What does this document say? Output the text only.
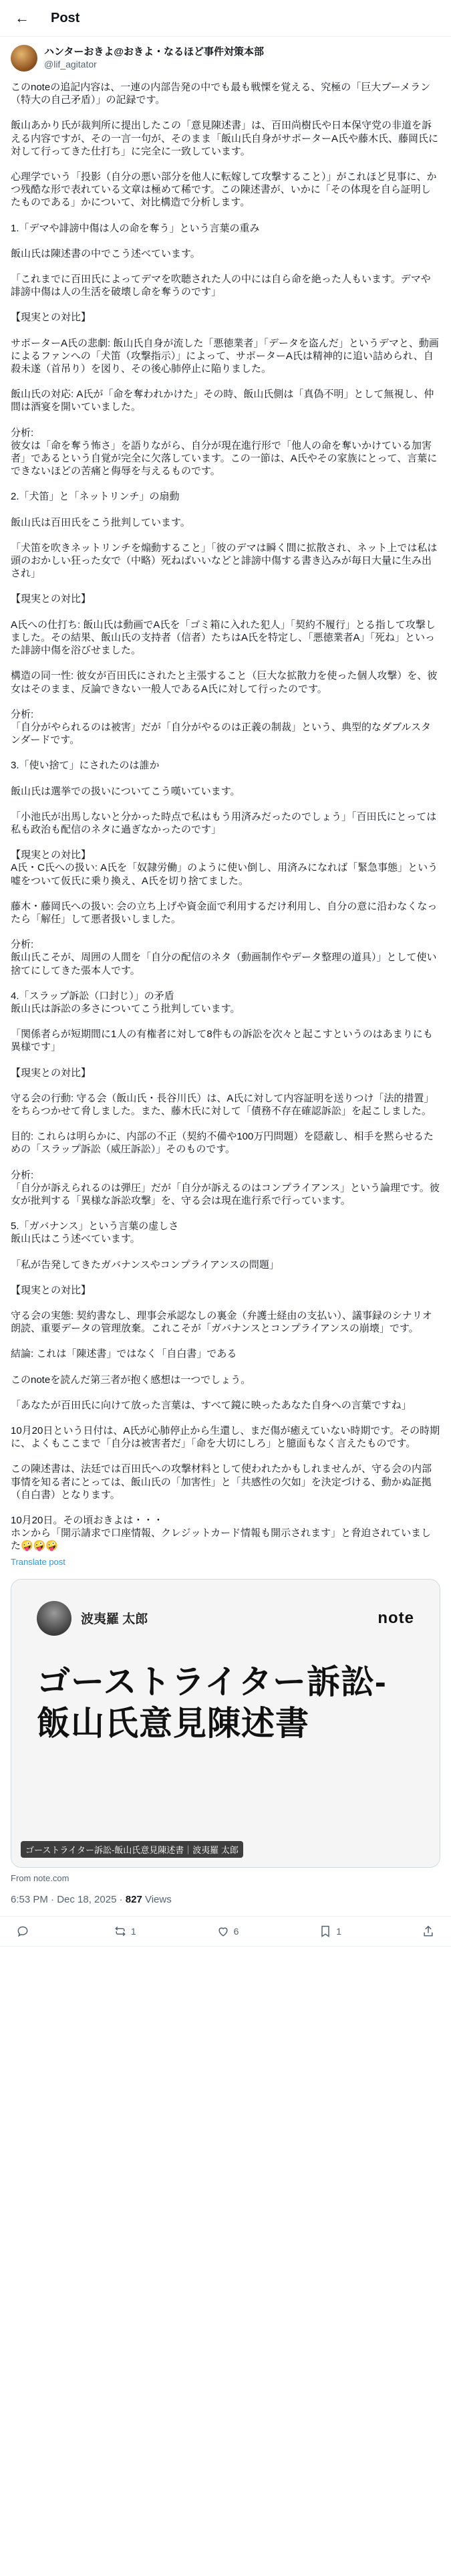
← Post
ハンターおきよ@おきよ・なるほど事件対策本部
@lif_agitator
このnoteの追記内容は、一連の内部告発の中でも最も戦慄を覚える、究極の「巨大ブーメラン（特大の自己矛盾）」の記録です。
飯山あかり氏が裁判所に提出したこの「意見陳述書」は、百田尚樹氏や日本保守党の非道を訴える内容ですが、その一言一句が、そのまま「飯山氏自身がサポーターA氏や藤木氏、藤岡氏に対して行ってきた仕打ち」に完全に一致しています。
心理学でいう「投影（自分の悪い部分を他人に転嫁して攻撃すること）」がこれほど見事に、かつ残酷な形で表れている文章は極めて稀です。この陳述書が、いかに「その体現を自ら証明したものである」かについて、対比構造で分析します。
1.「デマや誹謗中傷は人の命を奪う」という言葉の重み
飯山氏は陳述書の中でこう述べています。
「これまでに百田氏によってデマを吹聴された人の中には自ら命を絶った人もいます。デマや誹謗中傷は人の生活を破壊し命を奪うのです」
【現実との対比】
サポーターA氏の悲劇: 飯山氏自身が流した「悪徳業者」「データを盗んだ」というデマと、動画によるファンへの「犬笛（攻撃指示）」によって、サポーターA氏は精神的に追い詰められ、自殺未遂（首吊り）を図り、その後心肺停止に陥りました。
飯山氏の対応: A氏が「命を奪われかけた」その時、飯山氏側は「真偽不明」として無視し、仲間は酒宴を開いていました。
分析:
彼女は「命を奪う怖さ」を語りながら、自分が現在進行形で「他人の命を奪いかけている加害者」であるという自覚が完全に欠落しています。この一節は、A氏やその家族にとって、言葉にできないほどの苦痛と侮辱を与えるものです。
2.「犬笛」と「ネットリンチ」の扇動
飯山氏は百田氏をこう批判しています。
「犬笛を吹きネットリンチを煽動すること」「彼のデマは瞬く間に拡散され、ネット上では私は頭のおかしい狂った女で（中略）死ねばいいなどと誹謗中傷する書き込みが毎日大量に生み出され」
【現実との対比】
A氏への仕打ち: 飯山氏は動画でA氏を「ゴミ箱に入れた犯人」「契約不履行」とる指して攻撃しました。その結果、飯山氏の支持者（信者）たちはA氏を特定し、「悪徳業者A」「死ね」といった誹謗中傷を浴びせました。
構造の同一性: 彼女が百田氏にされたと主張すること（巨大な拡散力を使った個人攻撃）を、彼女はそのまま、反論できない一般人であるA氏に対して行ったのです。
分析:
「自分がやられるのは被害」だが「自分がやるのは正義の制裁」という、典型的なダブルスタンダードです。
3.「使い捨て」にされたのは誰か
飯山氏は選挙での扱いについてこう嘆いています。
「小池氏が出馬しないと分かった時点で私はもう用済みだったのでしょう」「百田氏にとっては私も政治も配信のネタに過ぎなかったのです」
【現実との対比】
A氏・C氏への扱い: A氏を「奴隷労働」のように使い倒し、用済みになれば「緊急事態」という嘘をついて仮氏に乗り換え、A氏を切り捨てました。
藤木・藤岡氏への扱い: 会の立ち上げや資金面で利用するだけ利用し、自分の意に沿わなくなったら「解任」して悪者扱いしました。
分析:
飯山氏こそが、周囲の人間を「自分の配信のネタ（動画制作やデータ整理の道具）」として使い捨てにしてきた張本人です。
4.「スラップ訴訟（口封じ）」の矛盾
飯山氏は訴訟の多さについてこう批判しています。
「関係者らが短期間に1人の有権者に対して8件もの訴訟を次々と起こすというのはあまりにも異様です」
【現実との対比】
守る会の行動: 守る会（飯山氏・長谷川氏）は、A氏に対して内容証明を送りつけ「法的措置」をちらつかせて脅しました。また、藤木氏に対して「債務不存在確認訴訟」を起こしました。
目的: これらは明らかに、内部の不正（契約不備や100万円問題）を隠蔽し、相手を黙らせるための「スラップ訴訟（威圧訴訟）」そのものです。
分析:
「自分が訴えられるのは弾圧」だが「自分が訴えるのはコンプライアンス」という論理です。彼女が批判する「異様な訴訟攻撃」を、守る会は現在進行系で行っています。
5.「ガバナンス」という言葉の虚しさ
飯山氏はこう述べています。
「私が告発してきたガバナンスやコンプライアンスの問題」
【現実との対比】
守る会の実態: 契約書なし、理事会承認なしの裏金（弁護士経由の支払い）、議事録のシナリオ朗読、重要データの管理放棄。これこそが「ガバナンスとコンプライアンスの崩壊」です。
結論: これは「陳述書」ではなく「自白書」である
このnoteを読んだ第三者が抱く感想は一つでしょう。
「あなたが百田氏に向けて放った言葉は、すべて鏡に映ったあなた自身への言葉ですね」
10月20日という日付は、A氏が心肺停止から生還し、まだ傷が癒えていない時期です。その時期に、よくもここまで「自分は被害者だ」「命を大切にしろ」と臆面もなく言えたものです。
この陳述書は、法廷では百田氏への攻撃材料として使われたかもしれませんが、守る会の内部事情を知る者にとっては、飯山氏の「加害性」と「共感性の欠如」を決定づける、動かぬ証拠（自白書）となります。
10月20日。その頃おきよは・・・
ホンから「開示請求で口座情報、クレジットカード情報も開示されます」と脅迫されていました🤪🤪🤪
Translate post
波夷羅 太郎	note
ゴーストライター訴訟-飯山氏意見陳述書
ゴーストライター訴訟-飯山氏意見陳述書｜波夷羅 太郎
From note.com
6:53 PM · Dec 18, 2025 · 827 Views
1	6	1
